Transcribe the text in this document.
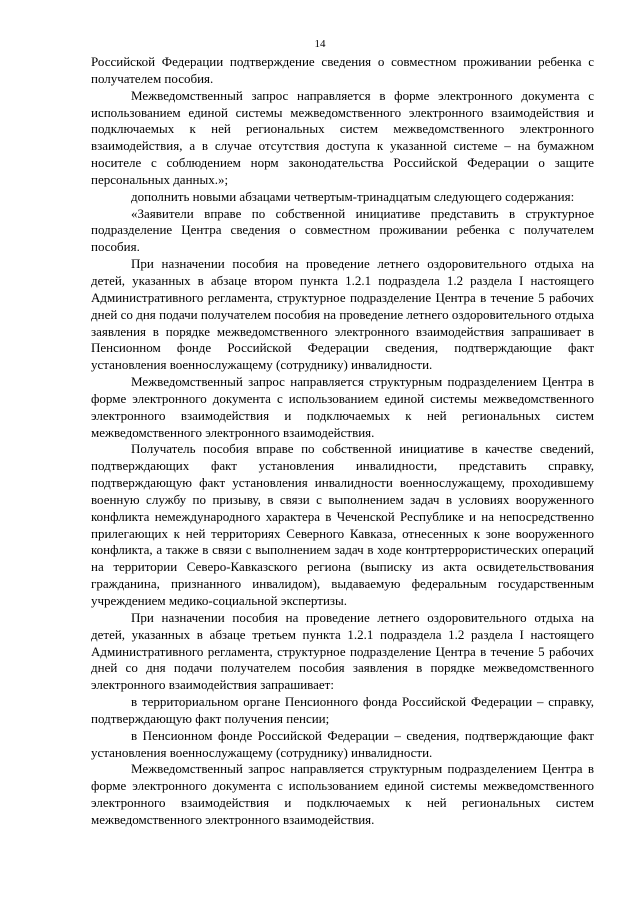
14

Российской Федерации подтверждение сведения о совместном проживании ребенка с получателем пособия.

Межведомственный запрос направляется в форме электронного документа с использованием единой системы межведомственного электронного взаимодействия и подключаемых к ней региональных систем межведомственного электронного взаимодействия, а в случае отсутствия доступа к указанной системе – на бумажном носителе с соблюдением норм законодательства Российской Федерации о защите персональных данных.»;

дополнить новыми абзацами четвертым-тринадцатым следующего содержания:

«Заявители вправе по собственной инициативе представить в структурное подразделение Центра сведения о совместном проживании ребенка с получателем пособия.

При назначении пособия на проведение летнего оздоровительного отдыха на детей, указанных в абзаце втором пункта 1.2.1 подраздела 1.2 раздела I настоящего Административного регламента, структурное подразделение Центра в течение 5 рабочих дней со дня подачи получателем пособия на проведение летнего оздоровительного отдыха заявления в порядке межведомственного электронного взаимодействия запрашивает в Пенсионном фонде Российской Федерации сведения, подтверждающие факт установления военнослужащему (сотруднику) инвалидности.

Межведомственный запрос направляется структурным подразделением Центра в форме электронного документа с использованием единой системы межведомственного электронного взаимодействия и подключаемых к ней региональных систем межведомственного электронного взаимодействия.

Получатель пособия вправе по собственной инициативе в качестве сведений, подтверждающих факт установления инвалидности, представить справку, подтверждающую факт установления инвалидности военнослужащему, проходившему военную службу по призыву, в связи с выполнением задач в условиях вооруженного конфликта немеждународного характера в Чеченской Республике и на непосредственно прилегающих к ней территориях Северного Кавказа, отнесенных к зоне вооруженного конфликта, а также в связи с выполнением задач в ходе контртеррористических операций на территории Северо-Кавказского региона (выписку из акта освидетельствования гражданина, признанного инвалидом), выдаваемую федеральным государственным учреждением медико-социальной экспертизы.

При назначении пособия на проведение летнего оздоровительного отдыха на детей, указанных в абзаце третьем пункта 1.2.1 подраздела 1.2 раздела I настоящего Административного регламента, структурное подразделение Центра в течение 5 рабочих дней со дня подачи получателем пособия заявления в порядке межведомственного электронного взаимодействия запрашивает:

в территориальном органе Пенсионного фонда Российской Федерации – справку, подтверждающую факт получения пенсии;

в Пенсионном фонде Российской Федерации – сведения, подтверждающие факт установления военнослужащему (сотруднику) инвалидности.

Межведомственный запрос направляется структурным подразделением Центра в форме электронного документа с использованием единой системы межведомственного электронного взаимодействия и подключаемых к ней региональных систем межведомственного электронного взаимодействия.
